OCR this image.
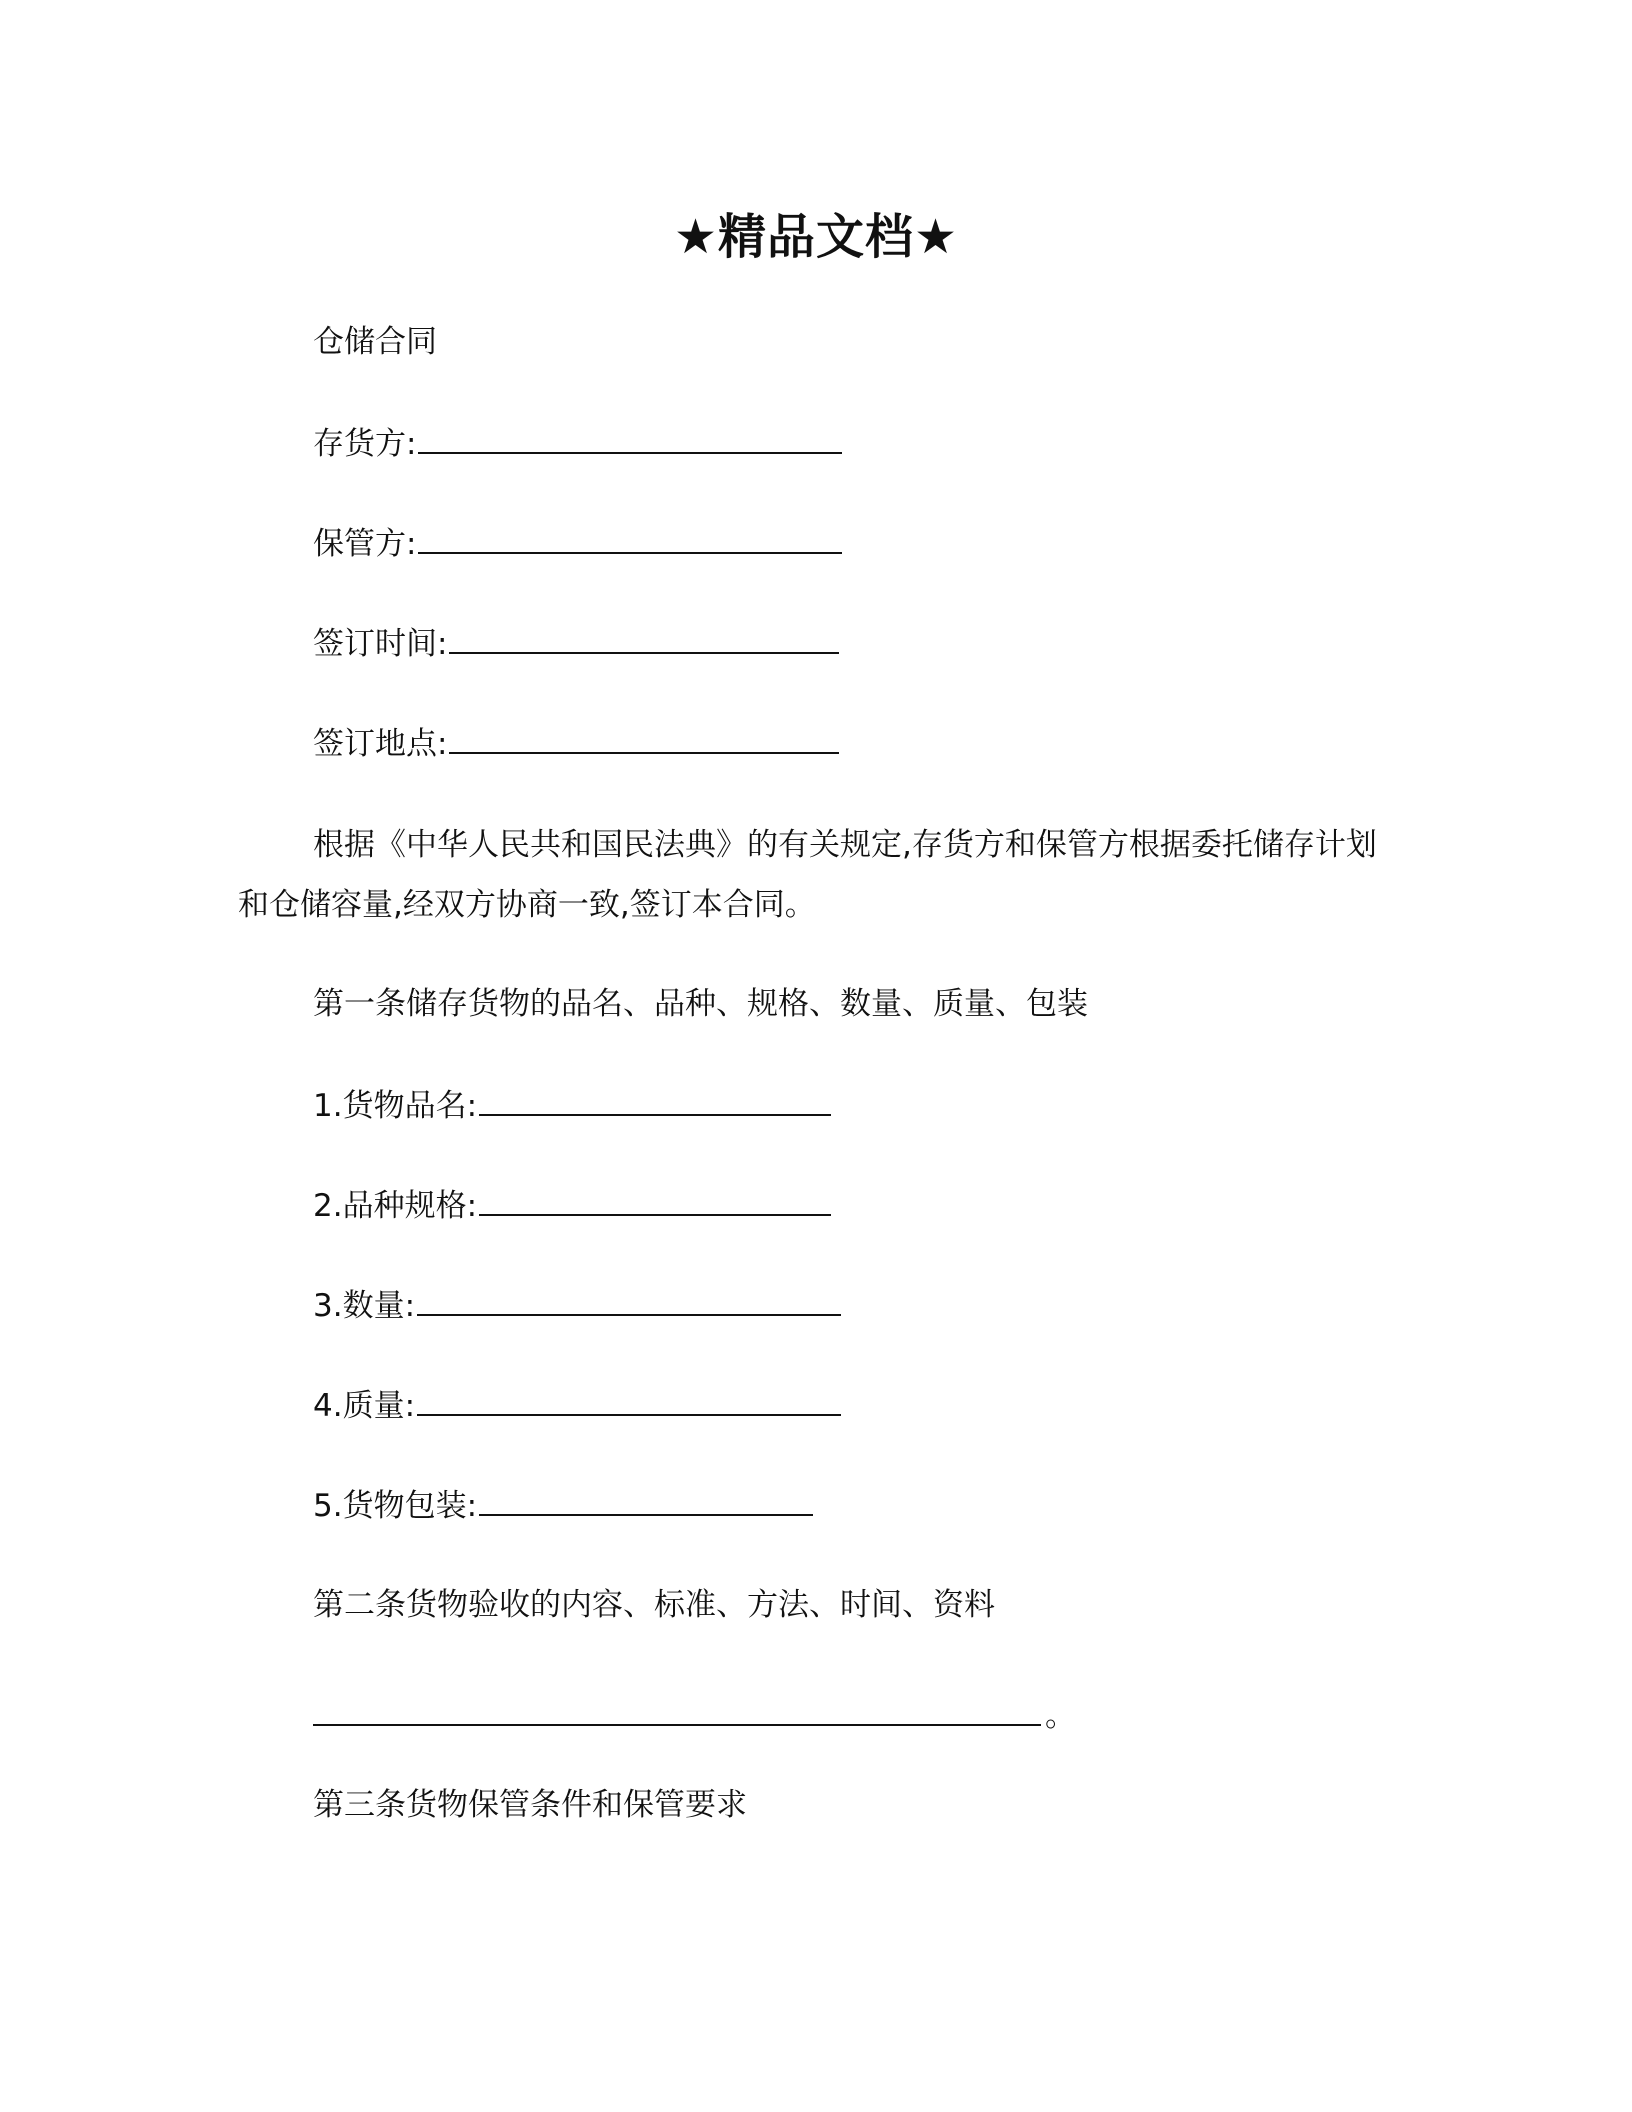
★精品文档★
仓储合同
存货方:
保管方:
签订时间:
签订地点:
根据《中华人民共和国民法典》的有关规定,存货方和保管方根据委托储存计划和仓储容量,经双方协商一致,签订本合同。
第一条储存货物的品名、品种、规格、数量、质量、包装
1.货物品名:
2.品种规格:
3.数量:
4.质量:
5.货物包装:
第二条货物验收的内容、标准、方法、时间、资料
。
第三条货物保管条件和保管要求
